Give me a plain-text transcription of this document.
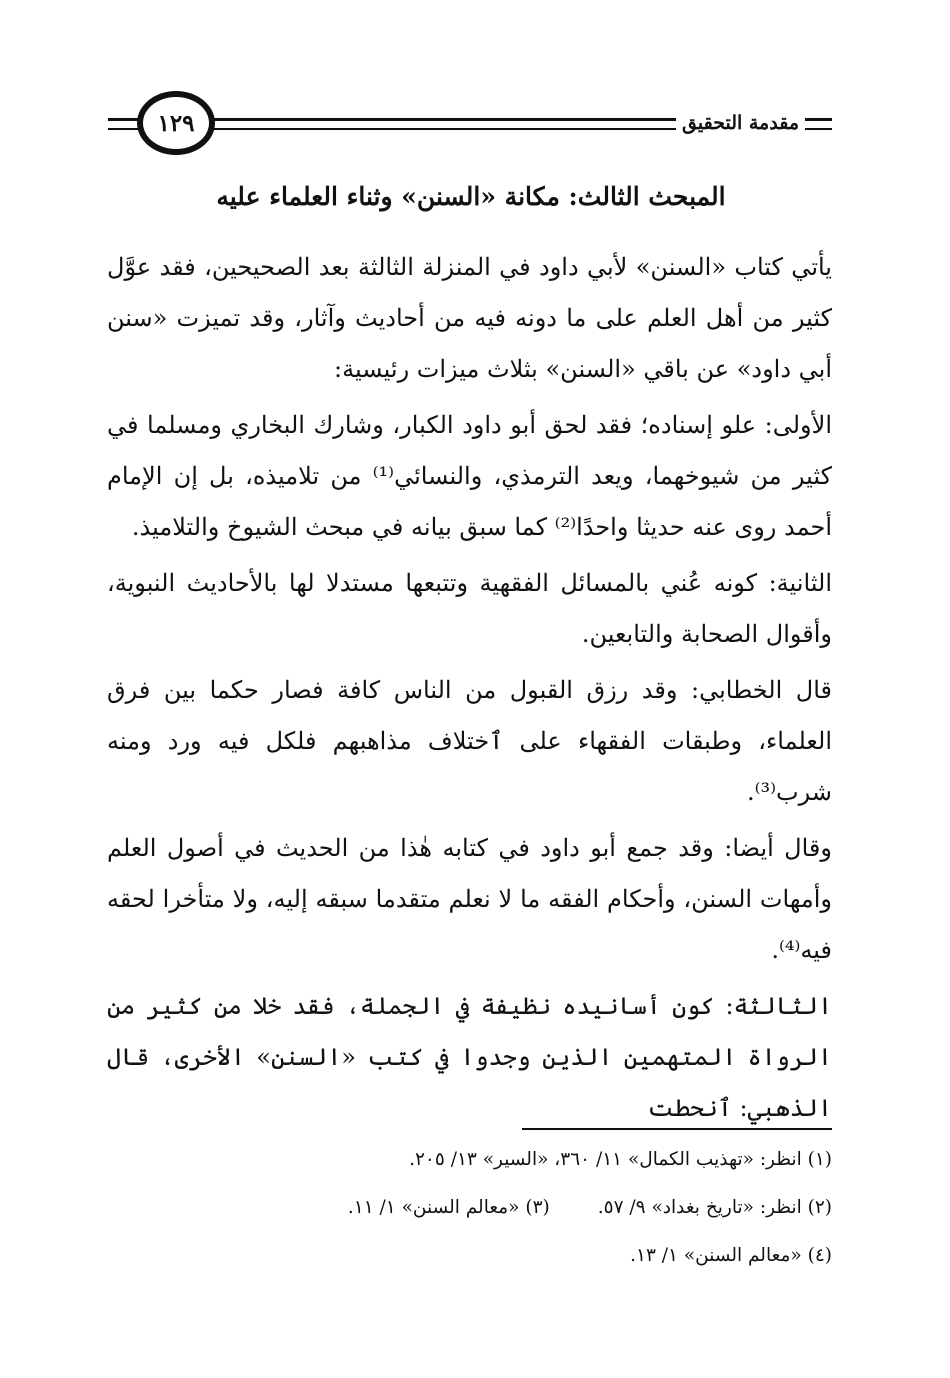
مقدمة التحقيق
١٢٩
المبحث الثالث: مكانة «السنن» وثناء العلماء عليه

يأتي كتاب «السنن» لأبي داود في المنزلة الثالثة بعد الصحيحين، فقد عوَّل كثير من أهل العلم على ما دونه فيه من أحاديث وآثار، وقد تميزت «سنن أبي داود» عن باقي «السنن» بثلاث ميزات رئيسية:

الأولى: علو إسناده؛ فقد لحق أبو داود الكبار، وشارك البخاري ومسلما في كثير من شيوخهما، ويعد الترمذي، والنسائي⁽¹⁾ من تلاميذه، بل إن الإمام أحمد روى عنه حديثا واحدًا⁽²⁾ كما سبق بيانه في مبحث الشيوخ والتلاميذ.

الثانية: كونه عُني بالمسائل الفقهية وتتبعها مستدلا لها بالأحاديث النبوية، وأقوال الصحابة والتابعين.

قال الخطابي: وقد رزق القبول من الناس كافة فصار حكما بين فرق العلماء، وطبقات الفقهاء على ٱختلاف مذاهبهم فلكل فيه ورد ومنه شرب⁽³⁾.

وقال أيضا: وقد جمع أبو داود في كتابه هٰذا من الحديث في أصول العلم وأمهات السنن، وأحكام الفقه ما لا نعلم متقدما سبقه إليه، ولا متأخرا لحقه فيه⁽⁴⁾.

الثالثة: كون أسانيده نظيفة في الجملة، فقد خلا من كثير من الرواة المتهمين الذين وجدوا في كتب «السنن» الأخرى، قال الذهبي: ٱنحطت

(١) انظر: «تهذيب الكمال» ١١/ ٣٦٠، «السير» ١٣/ ٢٠٥.
(٢) انظر: «تاريخ بغداد» ٩/ ٥٧.(٣) «معالم السنن» ١/ ١١.
(٤) «معالم السنن» ١/ ١٣.
